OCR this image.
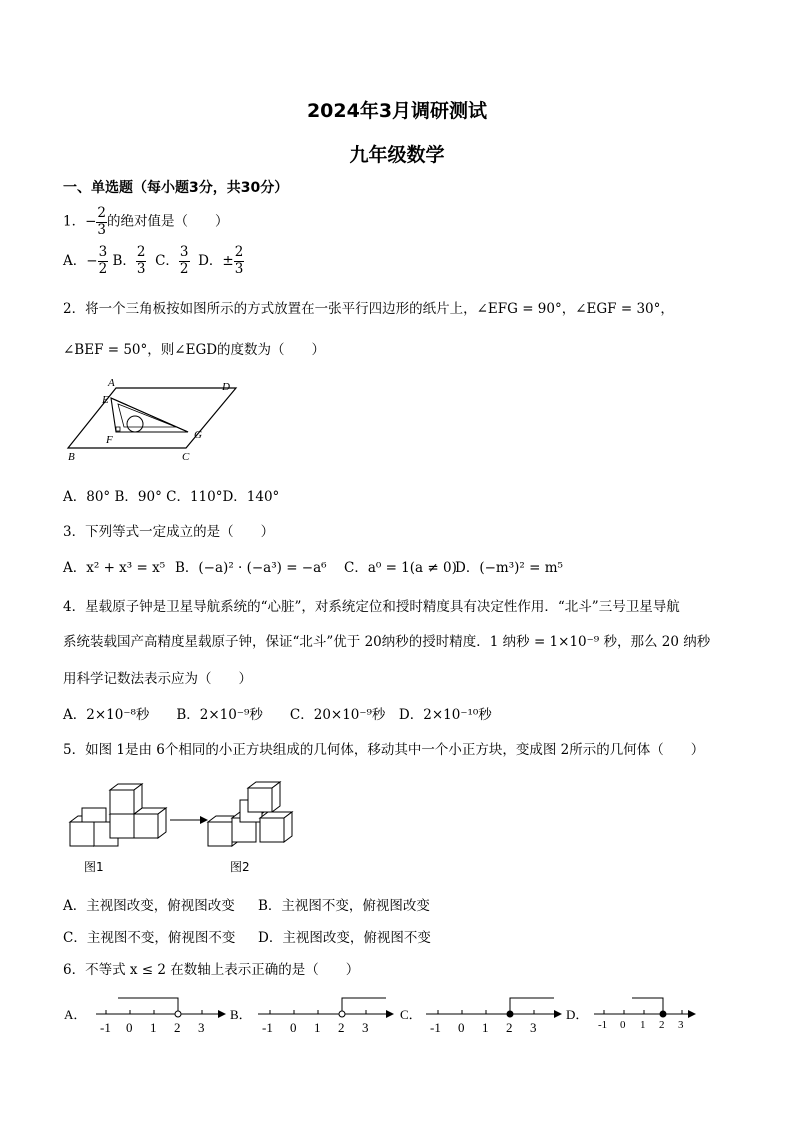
2024年3月调研测试
九年级数学
一、单选题（每小题3分，共30分）
1．− $\frac{2}{3}$ 的绝对值是（　　）
A．− $\frac{3}{2}$ B． $\frac{2}{3}$ C． $\frac{3}{2}$ D．± $\frac{2}{3}$
2．将一个三角板按如图所示的方式放置在一张平行四边形的纸片上，∠EFG = 90°，∠EGF = 30°，
∠BEF = 50°，则∠EGD的度数为（　　）
A	D
E
F	G
B	C
A．80° B．90° C．110°D．140°
3．下列等式一定成立的是（　　）
A．x² + x³ = x⁵ B．(−a)² · (−a³) = −a⁶ C．a⁰ = 1(a ≠ 0)
D．(−m³)² = m⁵
4．星载原子钟是卫星导航系统的“心脏”，对系统定位和授时精度具有决定性作用．“北斗”三号卫星导航
系统装载国产高精度星载原子钟，保证“北斗”优于 20纳秒的授时精度．1 纳秒 = 1×10⁻⁹ 秒，那么 20 纳秒
用科学记数法表示应为（　　）
A．2×10⁻⁸秒　　B．2×10⁻⁹秒　　C．20×10⁻⁹秒　D．2×10⁻¹⁰秒
5．如图 1是由 6个相同的小正方块组成的几何体，移动其中一个小正方块，变成图 2所示的几何体（　　）
图1	图2
A．主视图改变，俯视图改变 B．主视图不变，俯视图改变
C．主视图不变，俯视图不变 D．主视图改变，俯视图不变
6．不等式 x ≤ 2 在数轴上表示正确的是（　　）
A．
-1 0 1 2 3
B．
-1 0 1 2 3
C．
-1 0 1 2 3
D．
-1 0 1 2 3
